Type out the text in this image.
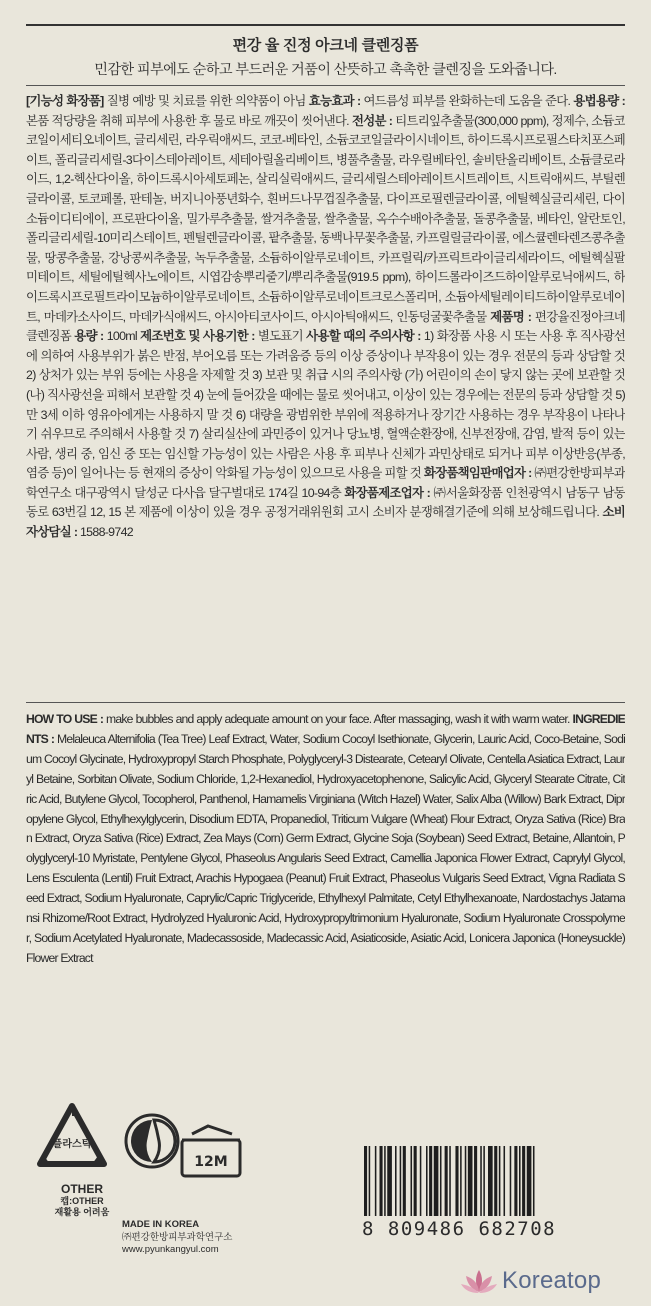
편강 율 진정 아크네 클렌징폼
민감한 피부에도 순하고 부드러운 거품이 산뜻하고 촉촉한 클렌징을 도와줍니다.
[기능성 화장품] 질병 예방 및 치료를 위한 의약품이 아님 효능효과 : 여드름성 피부를 완화하는데 도움을 준다. 용법용량 : 본품 적당량을 취해 피부에 사용한 후 물로 바로 깨끗이 씻어낸다. 전성분 : 티트리잎추출물(300,000 ppm), 정제수, 소듐코코일이세티오네이트, 글리세린, 라우릭애씨드, 코코-베타인, 소듐코코일글라이시네이트, 하이드록시프로필스타치포스페이트, 폴리글리세릴-3다이스테아레이트, 세테아릴올리베이트, 병풀추출물, 라우릴베타인, 솔비탄올리베이트, 소듐클로라이드, 1,2-헥산다이올, 하이드록시아세토페논, 살리실릭애씨드, 글리세릴스테아레이트시트레이트, 시트릭애씨드, 부틸렌글라이콜, 토코페롤, 판테놀, 버지니아풍년화수, 흰버드나무껍질추출물, 다이프로필렌글라이콜, 에틸헥실글리세린, 다이소듐이디티에이, 프로판다이올, 밀가루추출물, 쌀겨추출물, 쌀추출물, 옥수수배아추출물, 돌콩추출물, 베타인, 알란토인, 폴리글리세릴-10미리스테이트, 펜틸렌글라이콜, 팥추출물, 동백나무꽃추출물, 카프릴릴글라이콜, 에스큘렌타렌즈콩추출물, 땅콩추출물, 강낭콩씨추출물, 녹두추출물, 소듐하이알루로네이트, 카프릴릭/카프릭트라이글리세라이드, 에틸헥실팔미테이트, 세틸에틸헥사노에이트, 시엽감송뿌리줄기/뿌리추출물(919.5 ppm), 하이드롤라이즈드하이알루로닉애씨드, 하이드록시프로필트라이모늄하이알루로네이트, 소듐하이알루로네이트크로스폴리머, 소듐아세틸레이티드하이알루로네이트, 마데카소사이드, 마데카식애씨드, 아시아티코사이드, 아시아틱애씨드, 인동덩굴꽃추출물 제품명 : 편강율진정아크네클렌징폼 용량 : 100ml 제조번호 및 사용기한 : 별도표기 사용할 때의 주의사항 : 1) 화장품 사용 시 또는 사용 후 직사광선에 의하여 사용부위가 붉은 반점, 부어오름 또는 가려움증 등의 이상 증상이나 부작용이 있는 경우 전문의 등과 상담할 것 2) 상처가 있는 부위 등에는 사용을 자제할 것 3) 보관 및 취급 시의 주의사항 (가) 어린이의 손이 닿지 않는 곳에 보관할 것 (나) 직사광선을 피해서 보관할 것 4) 눈에 들어갔을 때에는 물로 씻어내고, 이상이 있는 경우에는 전문의 등과 상담할 것 5) 만 3세 이하 영유아에게는 사용하지 말 것 6) 대량을 광범위한 부위에 적용하거나 장기간 사용하는 경우 부작용이 나타나기 쉬우므로 주의해서 사용할 것 7) 살리실산에 과민증이 있거나 당뇨병, 혈액순환장애, 신부전장애, 감염, 발적 등이 있는 사람, 생리 중, 임신 중 또는 임신할 가능성이 있는 사람은 사용 후 피부나 신체가 과민상태로 되거나 피부 이상반응(부종, 염증 등)이 일어나는 등 현재의 증상이 악화될 가능성이 있으므로 사용을 피할 것 화장품책임판매업자 : ㈜편강한방피부과학연구소 대구광역시 달성군 다사읍 달구벌대로 174길 10-94층 화장품제조업자 : ㈜서울화장품 인천광역시 남동구 남동동로 63번길 12, 15 본 제품에 이상이 있을 경우 공정거래위원회 고시 소비자 분쟁해결기준에 의해 보상해드립니다. 소비자상담실 : 1588-9742
HOW TO USE : make bubbles and apply adequate amount on your face. After massaging, wash it with warm water. INGREDIENTS : Melaleuca Alternifolia (Tea Tree) Leaf Extract, Water, Sodium Cocoyl Isethionate, Glycerin, Lauric Acid, Coco-Betaine, Sodium Cocoyl Glycinate, Hydroxypropyl Starch Phosphate, Polyglyceryl-3 Distearate, Cetearyl Olivate, Centella Asiatica Extract, Lauryl Betaine, Sorbitan Olivate, Sodium Chloride, 1,2-Hexanediol, Hydroxyacetophenone, Salicylic Acid, Glyceryl Stearate Citrate, Citric Acid, Butylene Glycol, Tocopherol, Panthenol, Hamamelis Virginiana (Witch Hazel) Water, Salix Alba (Willow) Bark Extract, Dipropylene Glycol, Ethylhexylglycerin, Disodium EDTA, Propanediol, Triticum Vulgare (Wheat) Flour Extract, Oryza Sativa (Rice) Bran Extract, Oryza Sativa (Rice) Extract, Zea Mays (Corn) Germ Extract, Glycine Soja (Soybean) Seed Extract, Betaine, Allantoin, Polyglyceryl-10 Myristate, Pentylene Glycol, Phaseolus Angularis Seed Extract, Camellia Japonica Flower Extract, Caprylyl Glycol, Lens Esculenta (Lentil) Fruit Extract, Arachis Hypogaea (Peanut) Fruit Extract, Phaseolus Vulgaris Seed Extract, Vigna Radiata Seed Extract, Sodium Hyaluronate, Caprylic/Capric Triglyceride, Ethylhexyl Palmitate, Cetyl Ethylhexanoate, Nardostachys Jatamansi Rhizome/Root Extract, Hydrolyzed Hyaluronic Acid, Hydroxypropyltrimonium Hyaluronate, Sodium Hyaluronate Crosspolymer, Sodium Acetylated Hyaluronate, Madecassoside, Madecassic Acid, Asiaticoside, Asiatic Acid, Lonicera Japonica (Honeysuckle) Flower Extract
플라스틱
12M
OTHER
캡:OTHER
재활용 어려움
MADE IN KOREA
㈜편강한방피부과학연구소
www.pyunkangyul.com
8 809486 682708
Koreatop
